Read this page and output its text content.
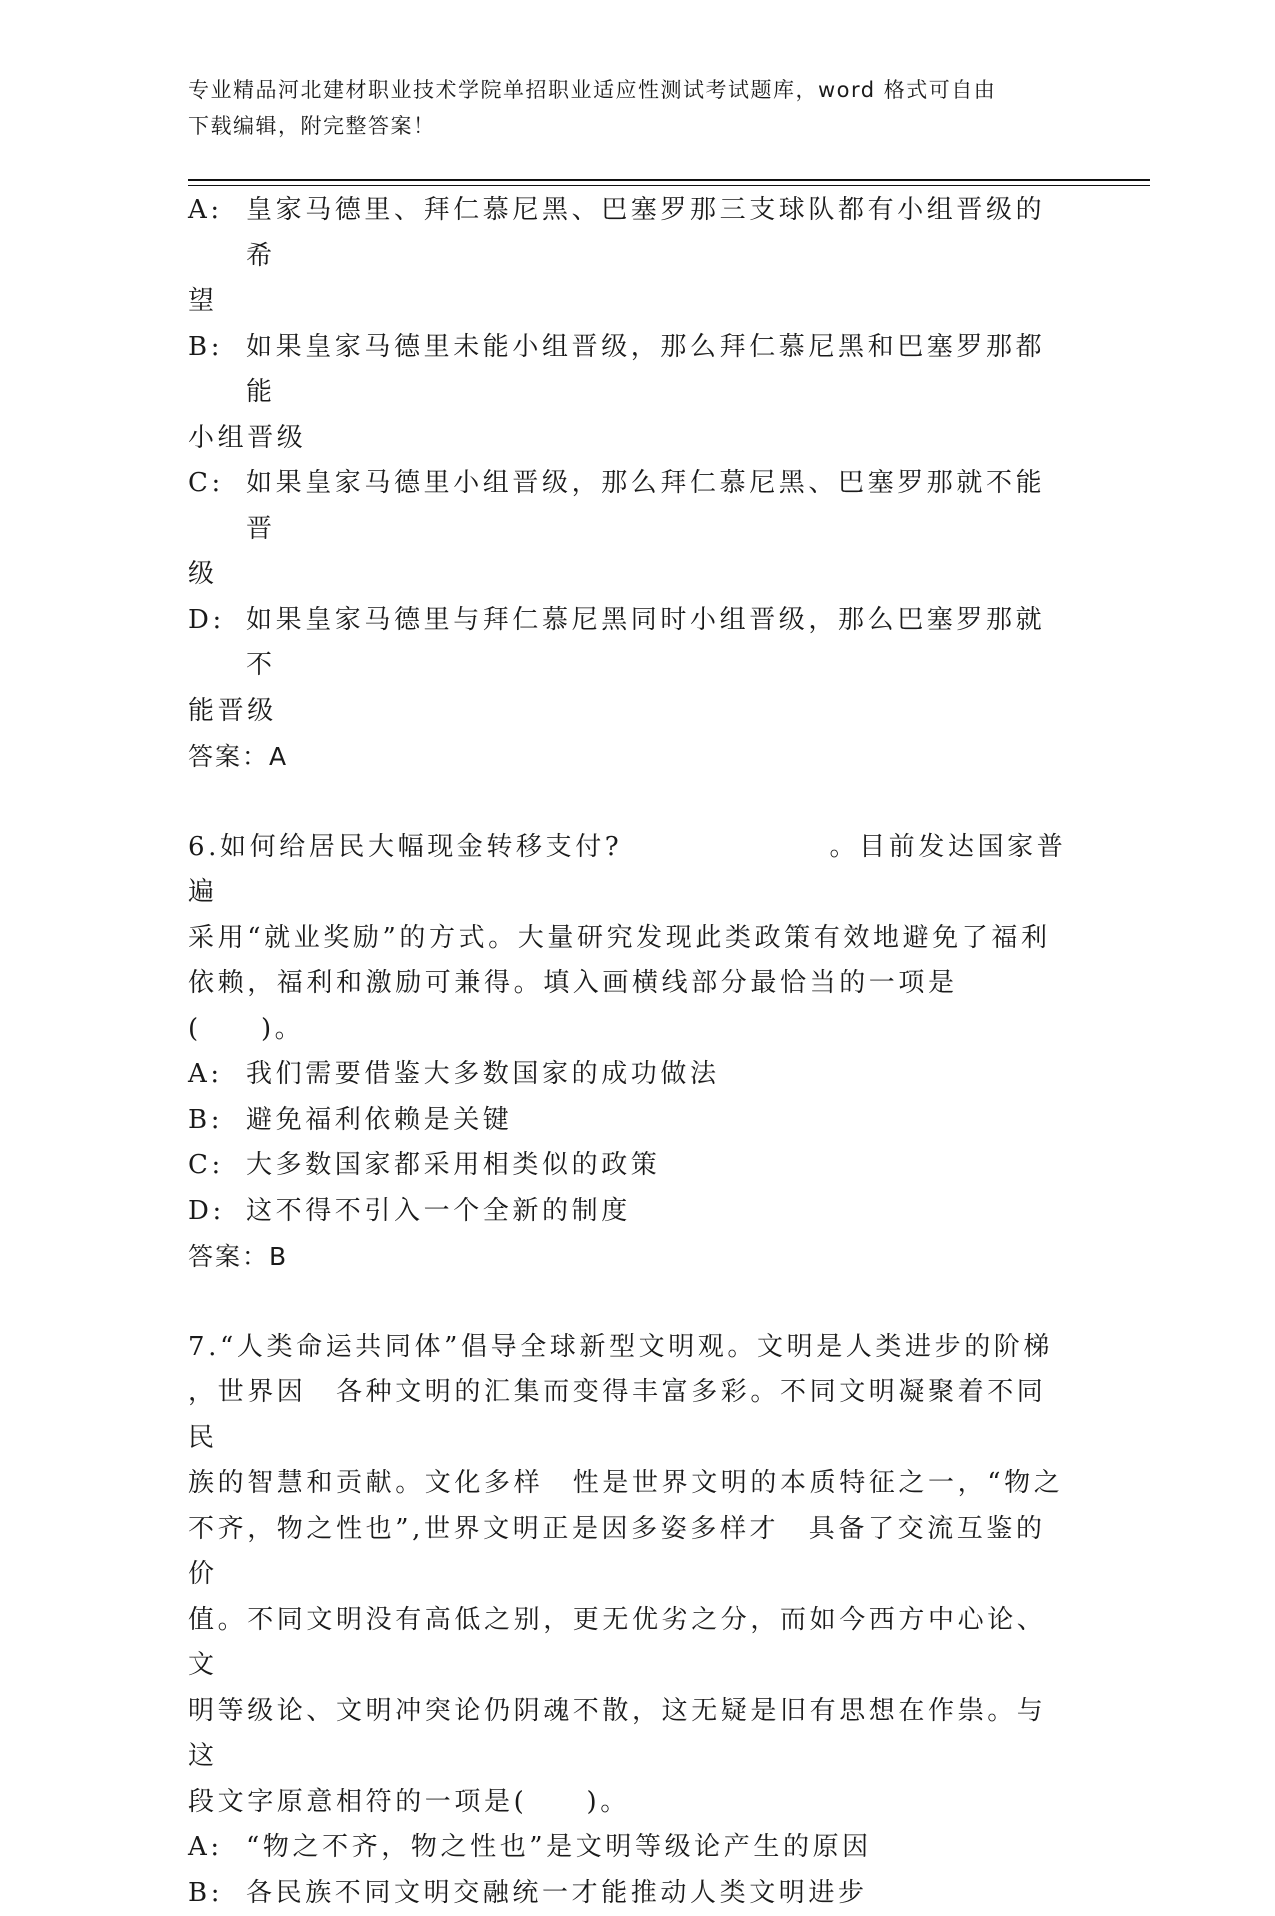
专业精品河北建材职业技术学院单招职业适应性测试考试题库，word 格式可自由
下载编辑，附完整答案！
A: 皇家马德里、拜仁慕尼黑、巴塞罗那三支球队都有小组晋级的希
望
B: 如果皇家马德里未能小组晋级，那么拜仁慕尼黑和巴塞罗那都能
小组晋级
C: 如果皇家马德里小组晋级，那么拜仁慕尼黑、巴塞罗那就不能晋
级
D: 如果皇家马德里与拜仁慕尼黑同时小组晋级，那么巴塞罗那就不
能晋级
答案：A
6.如何给居民大幅现金转移支付?　　　　　　　。目前发达国家普遍
采用“就业奖励”的方式。大量研究发现此类政策有效地避免了福利
依赖，福利和激励可兼得。填入画横线部分最恰当的一项是(　　)。
A: 我们需要借鉴大多数国家的成功做法
B: 避免福利依赖是关键
C: 大多数国家都采用相类似的政策
D: 这不得不引入一个全新的制度
答案：B
7.“人类命运共同体”倡导全球新型文明观。文明是人类进步的阶梯
，世界因　各种文明的汇集而变得丰富多彩。不同文明凝聚着不同民
族的智慧和贡献。文化多样　性是世界文明的本质特征之一，“物之
不齐，物之性也”,世界文明正是因多姿多样才　具备了交流互鉴的价
值。不同文明没有高低之别，更无优劣之分，而如今西方中心论、文
明等级论、文明冲突论仍阴魂不散，这无疑是旧有思想在作祟。与这
段文字原意相符的一项是(　　)。
A: “物之不齐，物之性也”是文明等级论产生的原因
B: 各民族不同文明交融统一才能推动人类文明进步
